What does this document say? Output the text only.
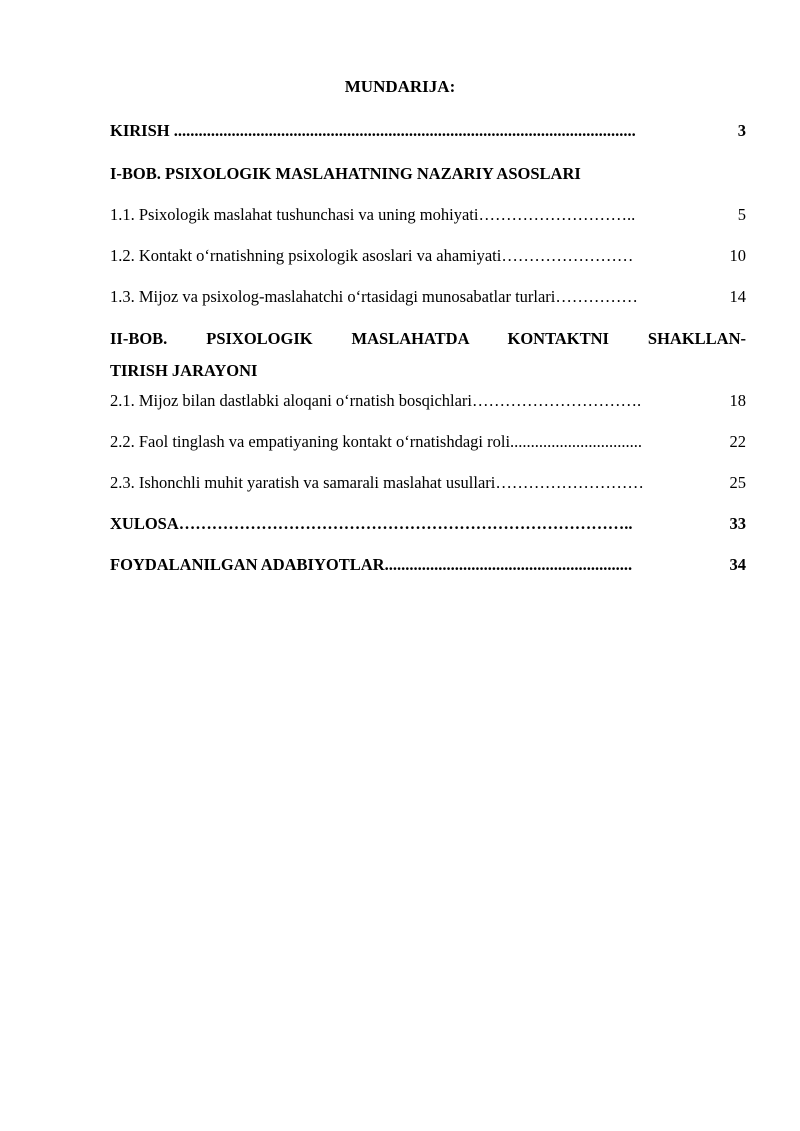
MUNDARIJA:
KIRISH ................................................................................................................	3
I-BOB. PSIXOLOGIK MASLAHATNING NAZARIY ASOSLARI
1.1. Psixologik maslahat tushunchasi va uning mohiyati………………………..	5
1.2. Kontakt oʻrnatishning psixologik asoslari va ahamiyati……………………	10
1.3. Mijoz va psixolog-maslahatchi oʻrtasidagi munosabatlar turlari……………	14
II-BOB. PSIXOLOGIK MASLAHATDA KONTAKTNI SHAKLLAN-
TIRISH JARAYONI
2.1. Mijoz bilan dastlabki aloqani oʻrnatish bosqichlari………………………….	18
2.2. Faol tinglash va empatiyaning kontakt oʻrnatishdagi roli................................	22
2.3. Ishonchli muhit yaratish va samarali maslahat usullari………………………	25
XULOSA………………………………………………………………………..	33
FOYDALANILGAN ADABIYOTLAR............................................................	34
